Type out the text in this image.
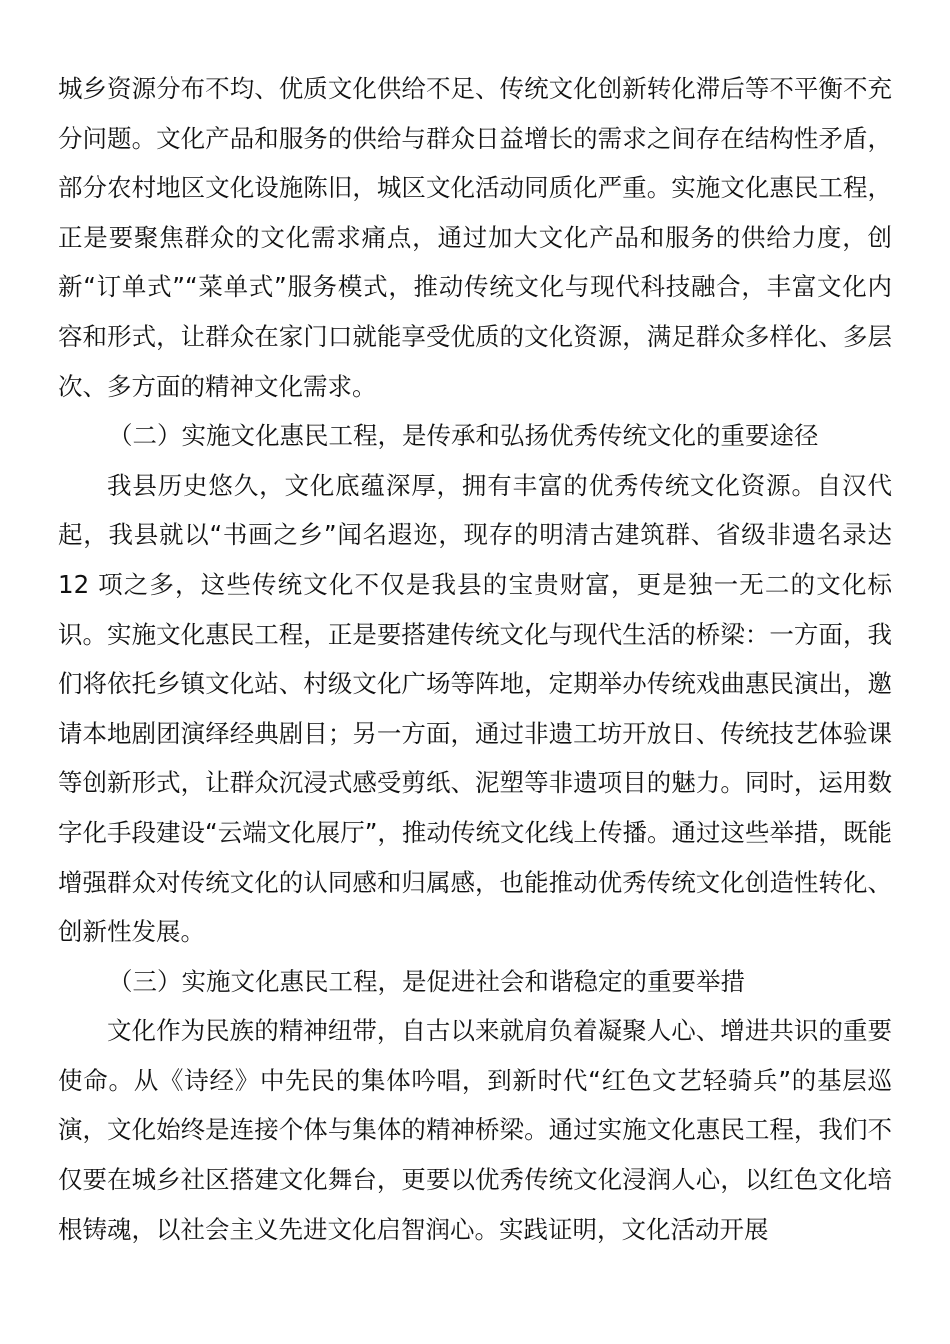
城乡资源分布不均、优质文化供给不足、传统文化创新转化滞后等不平衡不充分问题。文化产品和服务的供给与群众日益增长的需求之间存在结构性矛盾，部分农村地区文化设施陈旧，城区文化活动同质化严重。实施文化惠民工程，正是要聚焦群众的文化需求痛点，通过加大文化产品和服务的供给力度，创新“订单式”“菜单式”服务模式，推动传统文化与现代科技融合，丰富文化内容和形式，让群众在家门口就能享受优质的文化资源，满足群众多样化、多层次、多方面的精神文化需求。

（二）实施文化惠民工程，是传承和弘扬优秀传统文化的重要途径

我县历史悠久，文化底蕴深厚，拥有丰富的优秀传统文化资源。自汉代起，我县就以“书画之乡”闻名遐迩，现存的明清古建筑群、省级非遗名录达 12 项之多，这些传统文化不仅是我县的宝贵财富，更是独一无二的文化标识。实施文化惠民工程，正是要搭建传统文化与现代生活的桥梁：一方面，我们将依托乡镇文化站、村级文化广场等阵地，定期举办传统戏曲惠民演出，邀请本地剧团演绎经典剧目；另一方面，通过非遗工坊开放日、传统技艺体验课等创新形式，让群众沉浸式感受剪纸、泥塑等非遗项目的魅力。同时，运用数字化手段建设“云端文化展厅”，推动传统文化线上传播。通过这些举措，既能增强群众对传统文化的认同感和归属感，也能推动优秀传统文化创造性转化、创新性发展。

（三）实施文化惠民工程，是促进社会和谐稳定的重要举措

文化作为民族的精神纽带，自古以来就肩负着凝聚人心、增进共识的重要使命。从《诗经》中先民的集体吟唱，到新时代“红色文艺轻骑兵”的基层巡演，文化始终是连接个体与集体的精神桥梁。通过实施文化惠民工程，我们不仅要在城乡社区搭建文化舞台，更要以优秀传统文化浸润人心，以红色文化培根铸魂，以社会主义先进文化启智润心。实践证明，文化活动开展
